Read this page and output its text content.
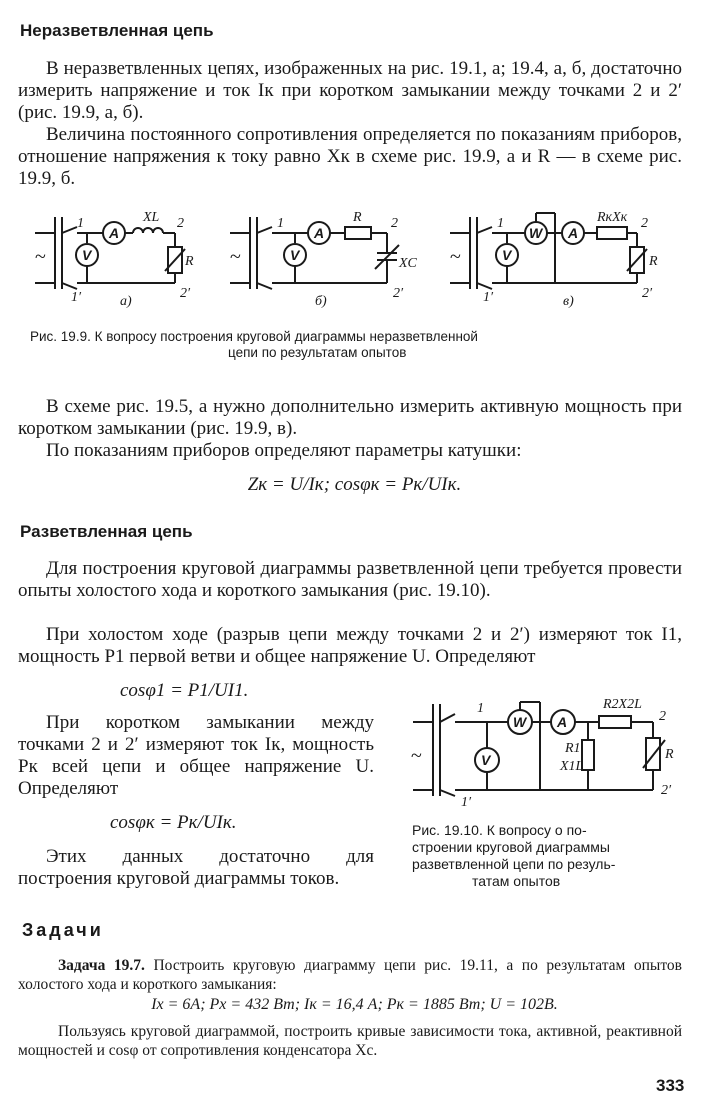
Неразветвленная цепь

В неразветвленных цепях, изображенных на рис. 19.1, а; 19.4, а, б, достаточно измерить напряжение и ток Iк при коротком замыкании между точками 2 и 2′ (рис. 19.9, а, б).

Величина постоянного сопротивления определяется по показаниям приборов, отношение напряжения к току равно Xк в схеме рис. 19.9, а и R — в схеме рис. 19.9, б.

~	V
A
1
1′
XL 2
R
2′
а)
~	V
A
1	R 2
XC
2′
б)
~	V
W A
1
1′
RкXк 2
R
2′
в)
Рис. 19.9. К вопросу построения круговой диаграммы неразветвленной
цепи по результатам опытов

В схеме рис. 19.5, а нужно дополнительно измерить активную мощность при коротком замыкании (рис. 19.9, в).

По показаниям приборов определяют параметры катушки:

Zк = U/Iк; cosφк = Pк/UIк.
Разветвленная цепь

Для построения круговой диаграммы разветвленной цепи требуется провести опыты холостого хода и короткого замыкания (рис. 19.10).

При холостом ходе (разрыв цепи между точками 2 и 2′) измеряют ток I1, мощность P1 первой ветви и общее напряжение U. Определяют

cosφ1 = P1/UI1.

При коротком замыкании между точками 2 и 2′ измеряют ток Iк, мощность Pк всей цепи и общее напряжение U. Определяют

cosφк = Pк/UIк.

Этих данных достаточно для построения круговой диаграммы токов.

~	V
W A
1
1′
R2X2L
2
R1
X1L
R
2′
Рис. 19.10. К вопросу о по-
строении круговой диаграммы
разветвленной цепи по резуль-
татам опытов
Задачи

Задача 19.7. Построить круговую диаграмму цепи рис. 19.11, а по результатам опытов холостого хода и короткого замыкания:

Iх = 6А; Pх = 432 Вт; Iк = 16,4 А; Pк = 1885 Вт; U = 102В.

Пользуясь круговой диаграммой, построить кривые зависимости тока, активной, реактивной мощностей и cosφ от сопротивления конденсатора Xc.

333
